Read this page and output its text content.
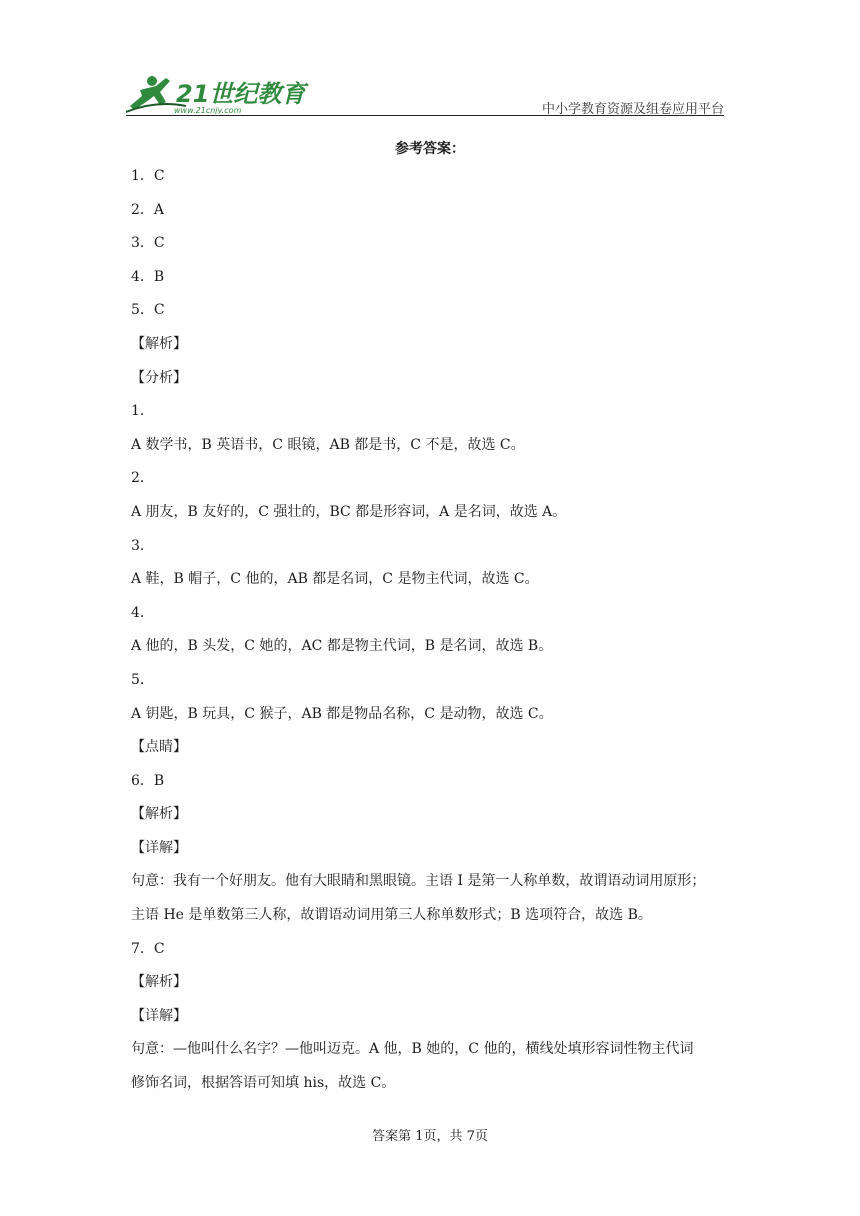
21世纪教育
www.21cnjy.com	中小学教育资源及组卷应用平台
参考答案：
1．C
2．A
3．C
4．B
5．C
【解析】
【分析】
1．
A 数学书，B 英语书，C 眼镜，AB 都是书，C 不是，故选 C。
2．
A 朋友，B 友好的，C 强壮的，BC 都是形容词，A 是名词，故选 A。
3．
A 鞋，B 帽子，C 他的，AB 都是名词，C 是物主代词，故选 C。
4．
A 他的，B 头发，C 她的，AC 都是物主代词，B 是名词，故选 B。
5．
A 钥匙，B 玩具，C 猴子，AB 都是物品名称，C 是动物，故选 C。
【点睛】
6．B
【解析】
【详解】
句意：我有一个好朋友。他有大眼睛和黑眼镜。主语 I 是第一人称单数，故谓语动词用原形；
主语 He 是单数第三人称，故谓语动词用第三人称单数形式；B 选项符合，故选 B。
7．C
【解析】
【详解】
句意：—他叫什么名字？—他叫迈克。A 他，B 她的，C 他的，横线处填形容词性物主代词
修饰名词，根据答语可知填 his，故选 C。
答案第 1页，共 7页
